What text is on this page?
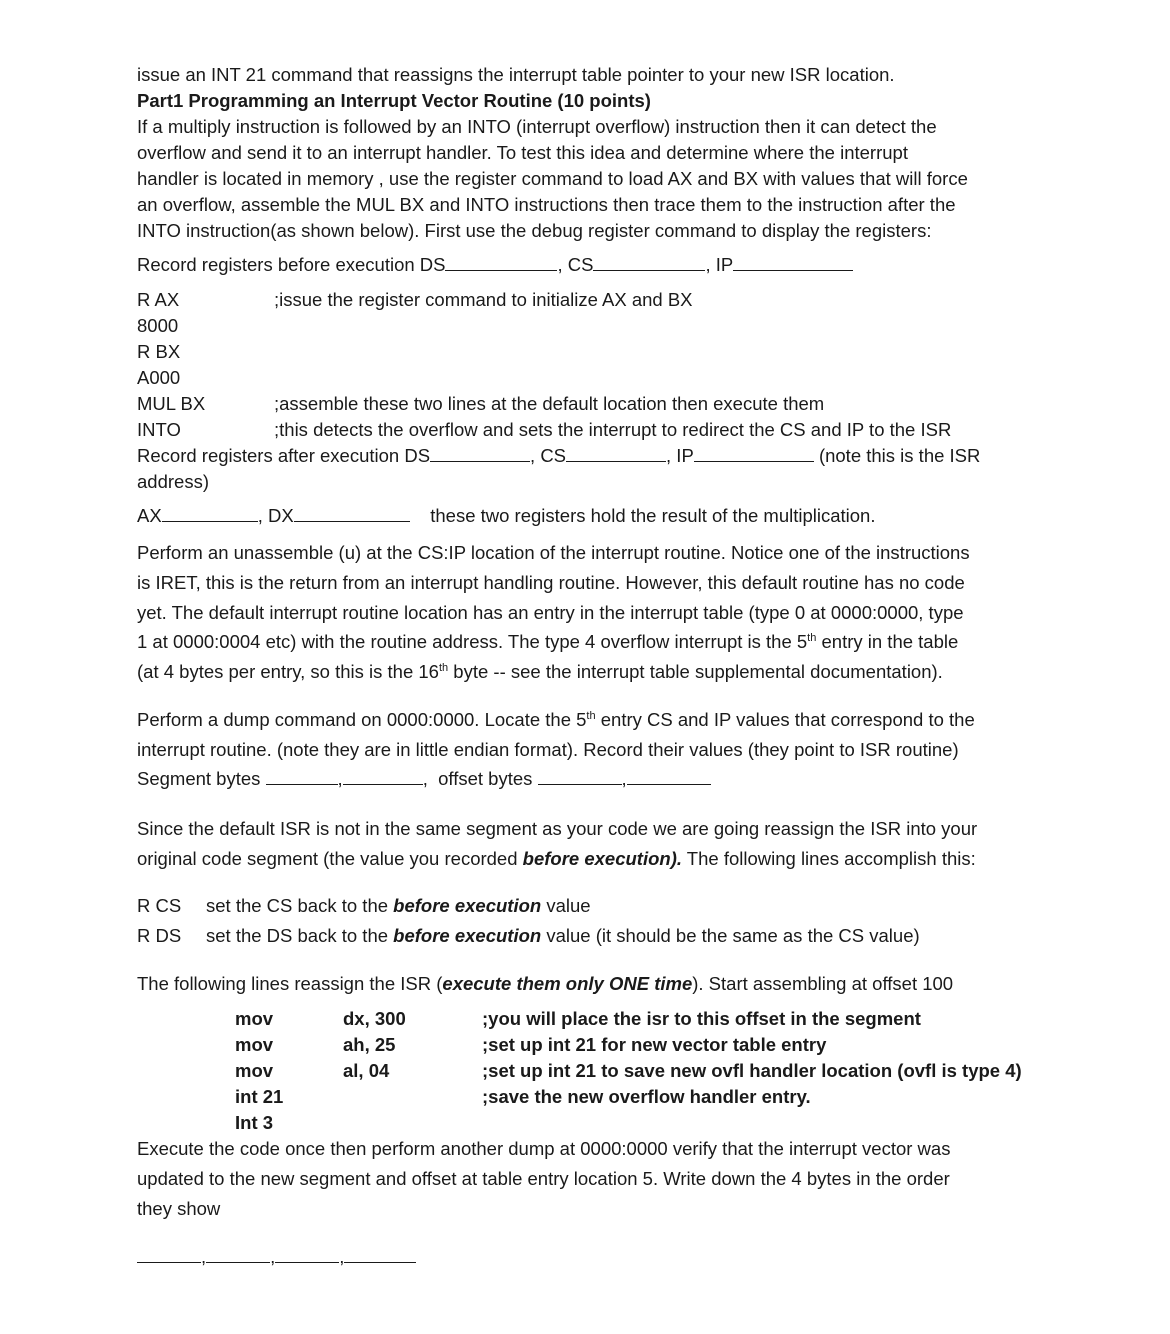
issue an INT 21 command that reassigns the interrupt table pointer to your new ISR location.
Part1 Programming an Interrupt Vector Routine (10 points)
If a multiply instruction is followed by an INTO (interrupt overflow) instruction then it can detect the
overflow and send it to an interrupt handler. To test this idea and determine where the interrupt
handler is located in memory , use the register command to load AX and BX with values that will force
an overflow, assemble the MUL BX and INTO instructions then trace them to the instruction after the
INTO instruction(as shown below). First use the debug register command to display the registers:
Record registers before execution DS	, CS	, IP
R AX	;issue the register command to initialize AX and BX
8000
R BX
A000
MUL BX	;assemble these two lines at the default location then execute them
INTO	;this detects the overflow and sets the interrupt to redirect the CS and IP to the ISR
Record registers after execution DS	, CS	, IP	(note this is the ISR
address)
AX	, DX	these two registers hold the result of the multiplication.
Perform an unassemble (u) at the CS:IP location of the interrupt routine. Notice one of the instructions
is IRET, this is the return from an interrupt handling routine. However, this default routine has no code
yet. The default interrupt routine location has an entry in the interrupt table (type 0 at 0000:0000, type
1 at 0000:0004 etc) with the routine address. The type 4 overflow interrupt is the 5th entry in the table
(at 4 bytes per entry, so this is the 16th byte -- see the interrupt table supplemental documentation).
Perform a dump command on 0000:0000. Locate the 5th entry CS and IP values that correspond to the
interrupt routine. (note they are in little endian format). Record their values (they point to ISR routine)
Segment bytes	,	,  offset bytes	,
Since the default ISR is not in the same segment as your code we are going reassign the ISR into your
original code segment (the value you recorded before execution). The following lines accomplish this:
R CS set the CS back to the before execution value
R DS set the DS back to the before execution value (it should be the same as the CS value)
The following lines reassign the ISR (execute them only ONE time). Start assembling at offset 100
mov	dx, 300	;you will place the isr to this offset in the segment
mov	ah, 25	;set up int 21 for new vector table entry
mov	al, 04	;set up int 21 to save new ovfl handler location (ovfl is type 4)
int 21	;save the new overflow handler entry.
Int 3
Execute the code once then perform another dump at 0000:0000 verify that the interrupt vector was
updated to the new segment and offset at table entry location 5. Write down the 4 bytes in the order
they show
,	,	,
